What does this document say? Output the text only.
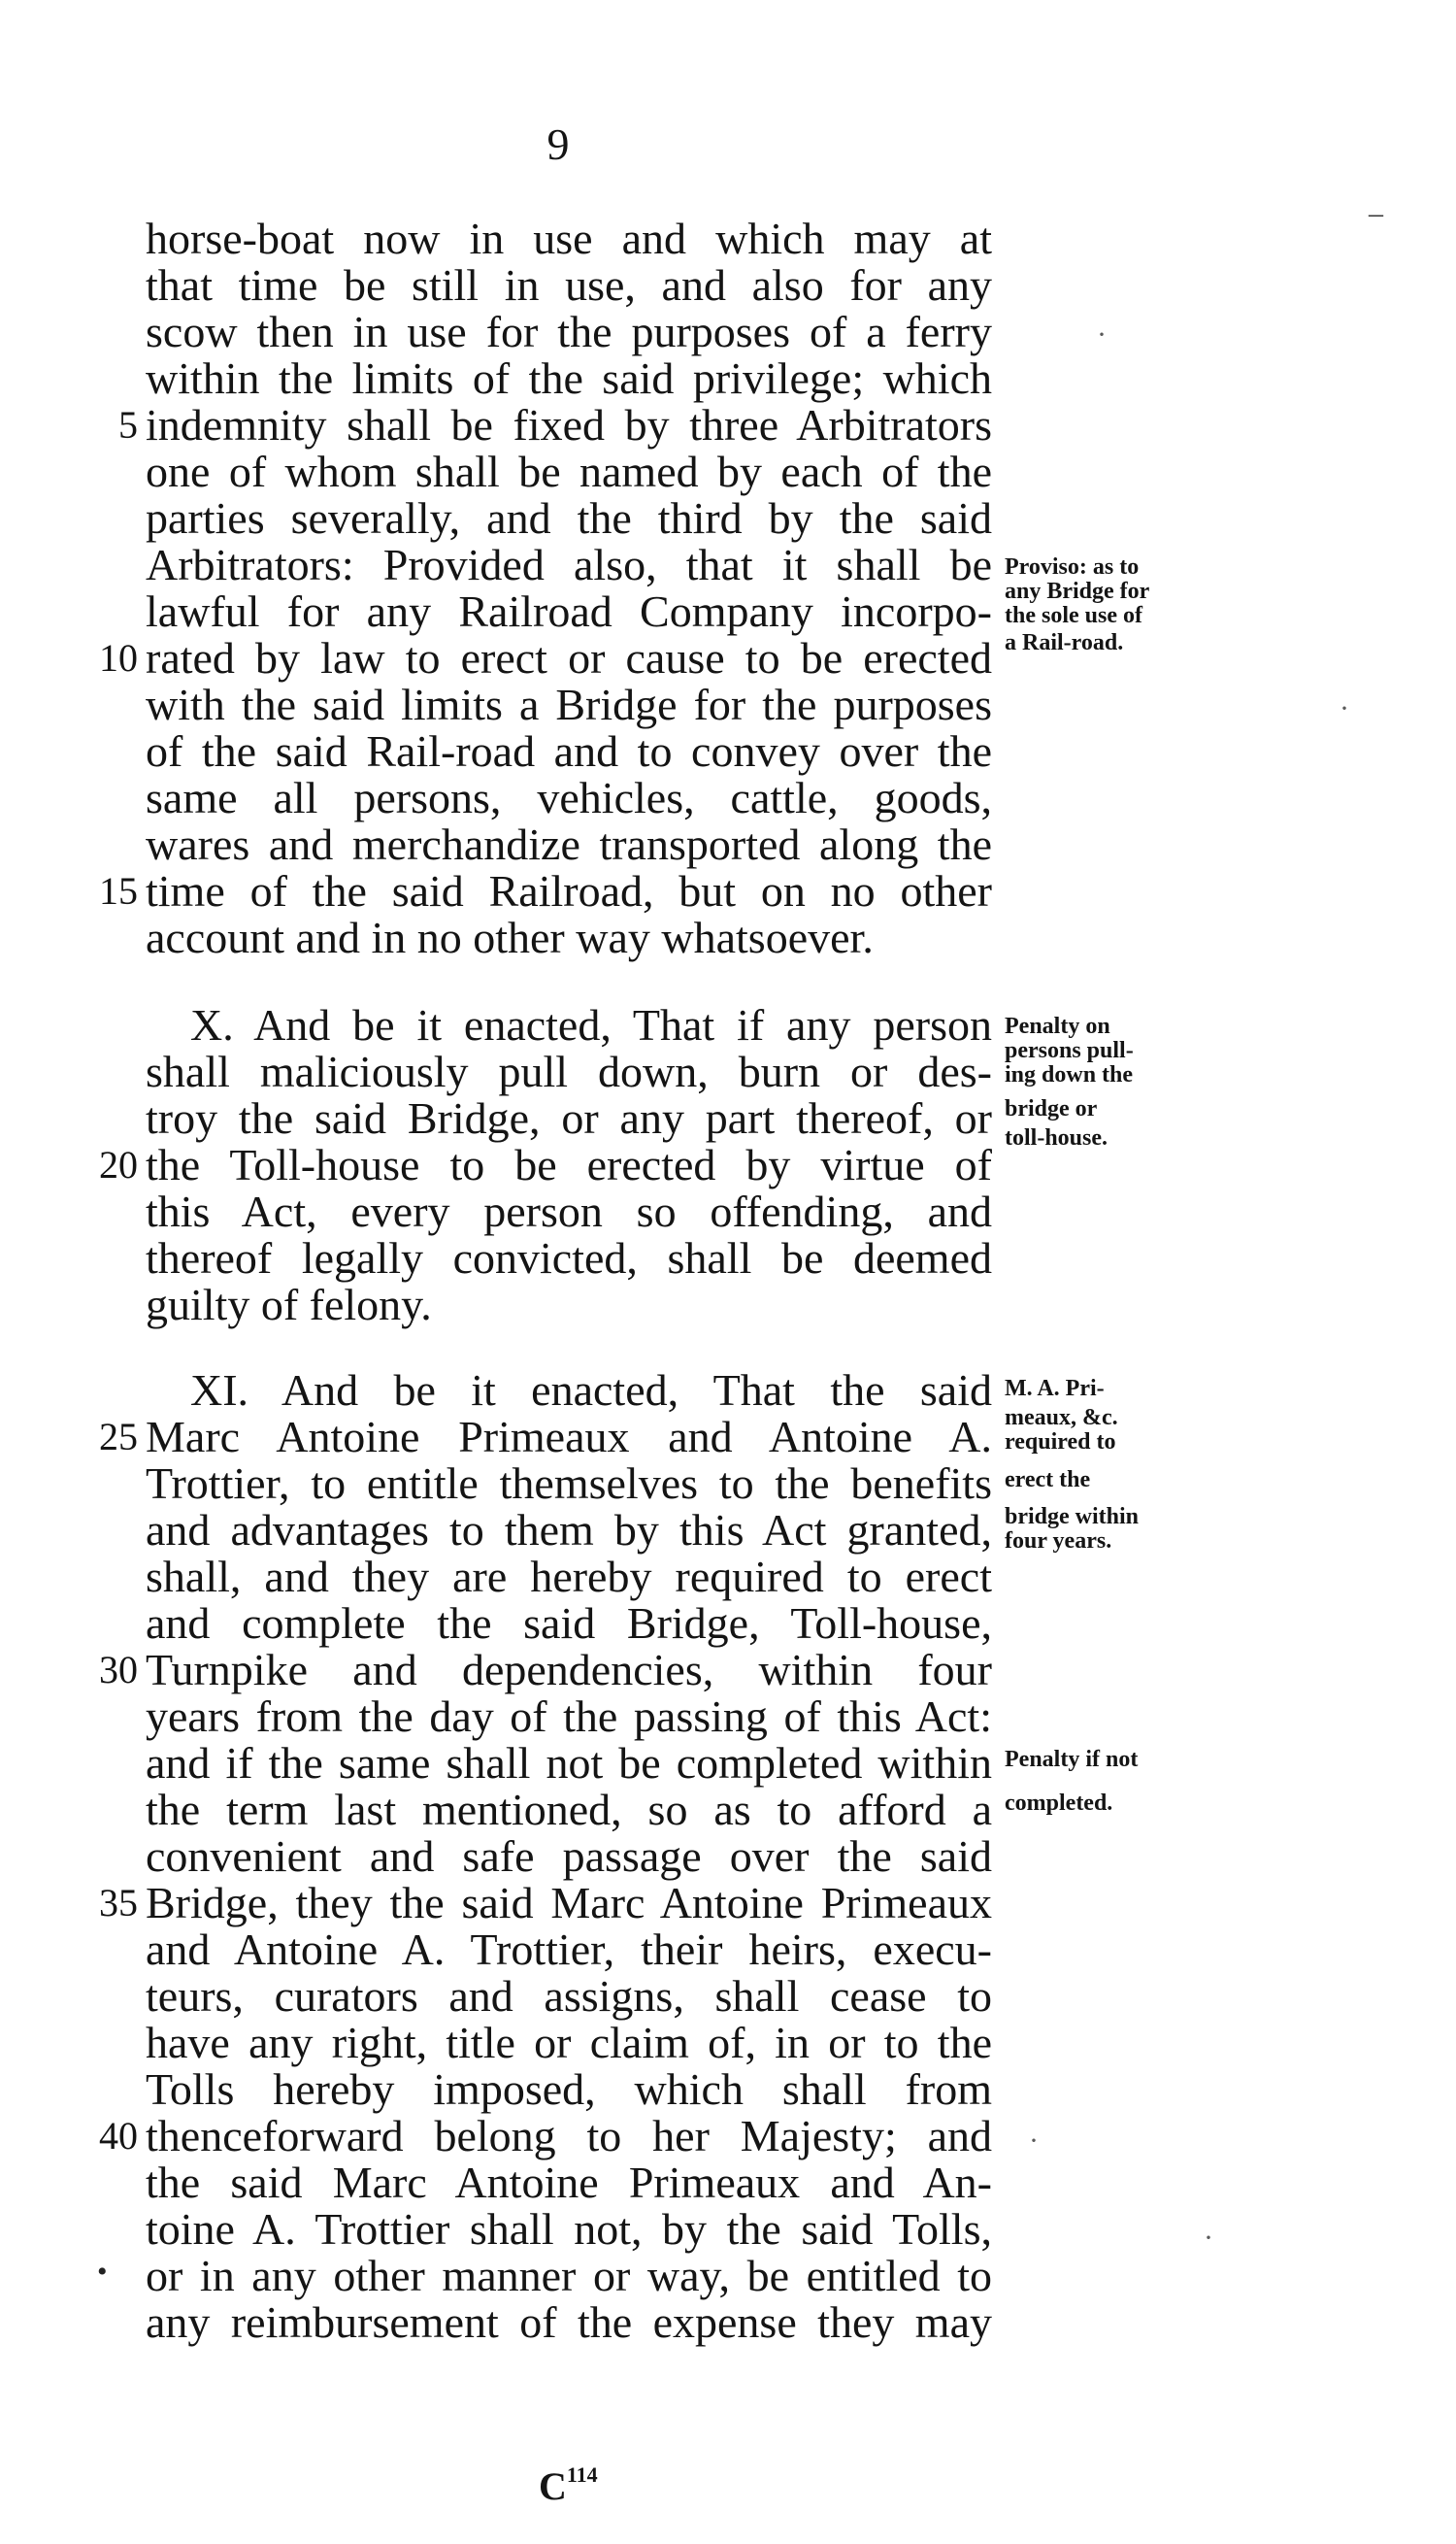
9
horse-boat now in use and which may at
that time be still in use, and also for any
scow then in use for the purposes of a ferry
within the limits of the said privilege; which
indemnity shall be fixed by three Arbitrators
one of whom shall be named by each of the
parties severally, and the third by the said
Arbitrators: Provided also, that it shall be
lawful for any Railroad Company incorpo-
rated by law to erect or cause to be erected
with the said limits a Bridge for the purposes
of the said Rail-road and to convey over the
same all persons, vehicles, cattle, goods,
wares and merchandize transported along the
time of the said Railroad, but on no other
account and in no other way whatsoever.
X. And be it enacted, That if any person
shall maliciously pull down, burn or des-
troy the said Bridge, or any part thereof, or
the Toll-house to be erected by virtue of
this Act, every person so offending, and
thereof legally convicted, shall be deemed
guilty of felony.
XI. And be it enacted, That the said
Marc Antoine Primeaux and Antoine A.
Trottier, to entitle themselves to the benefits
and advantages to them by this Act granted,
shall, and they are hereby required to erect
and complete the said Bridge, Toll-house,
Turnpike and dependencies, within four
years from the day of the passing of this Act:
and if the same shall not be completed within
the term last mentioned, so as to afford a
convenient and safe passage over the said
Bridge, they the said Marc Antoine Primeaux
and Antoine A. Trottier, their heirs, execu-
teurs, curators and assigns, shall cease to
have any right, title or claim of, in or to the
Tolls hereby imposed, which shall from
thenceforward belong to her Majesty; and
the said Marc Antoine Primeaux and An-
toine A. Trottier shall not, by the said Tolls,
or in any other manner or way, be entitled to
any reimbursement of the expense they may
5
10
15
20
25
30
35
40
Proviso: as to
any Bridge for
the sole use of
a Rail-road.
Penalty on
persons pull-
ing down the
bridge or
toll-house.
M. A. Pri-
meaux, &c.
required to
erect the
bridge within
four years.
Penalty if not
completed.
$C^{114}$
–
·
·
·
·
•
